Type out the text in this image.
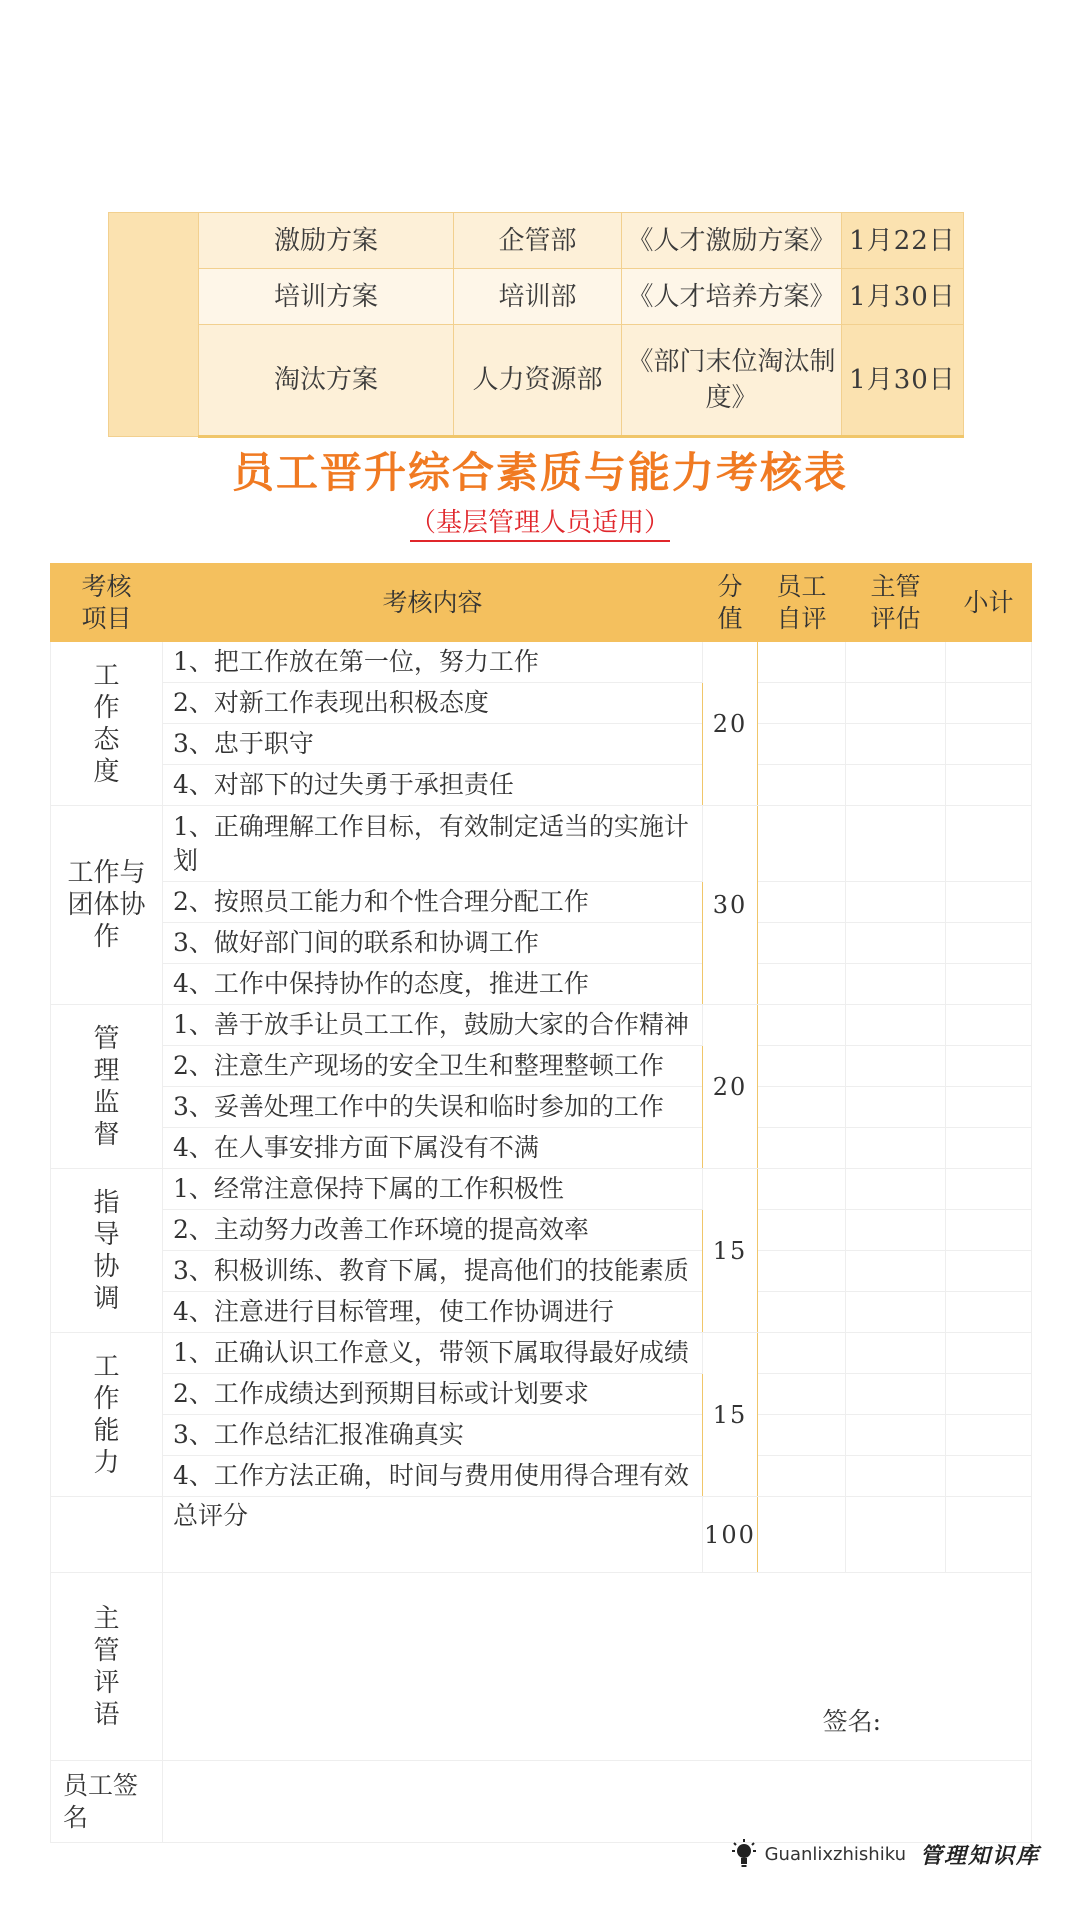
	激励方案	企管部	《人才激励方案》	1月22日
	培训方案	培训部	《人才培养方案》	1月30日
	淘汰方案	人力资源部	《部门末位淘汰制度》	1月30日
员工晋升综合素质与能力考核表
（基层管理人员适用）
考核项目	考核内容	分值	员工自评	主管评估	小计
工作态度	1、把工作放在第一位，努力工作	20			
	2、对新工作表现出积极态度				
	3、忠于职守				
	4、对部下的过失勇于承担责任				
工作与团体协作	1、正确理解工作目标，有效制定适当的实施计划	30			
	2、按照员工能力和个性合理分配工作				
	3、做好部门间的联系和协调工作				
	4、工作中保持协作的态度，推进工作				
管理监督	1、善于放手让员工工作，鼓励大家的合作精神	20			
	2、注意生产现场的安全卫生和整理整顿工作				
	3、妥善处理工作中的失误和临时参加的工作				
	4、在人事安排方面下属没有不满				
指导协调	1、经常注意保持下属的工作积极性	15			
	2、主动努力改善工作环境的提高效率				
	3、积极训练、教育下属，提高他们的技能素质				
	4、注意进行目标管理，使工作协调进行				
工作能力	1、正确认识工作意义，带领下属取得最好成绩	15			
	2、工作成绩达到预期目标或计划要求				
	3、工作总结汇报准确真实				
	4、工作方法正确，时间与费用使用得合理有效				
	总评分	100			
主管评语	签名:				

员工签名					
Guanlixzhishiku 管理知识库
